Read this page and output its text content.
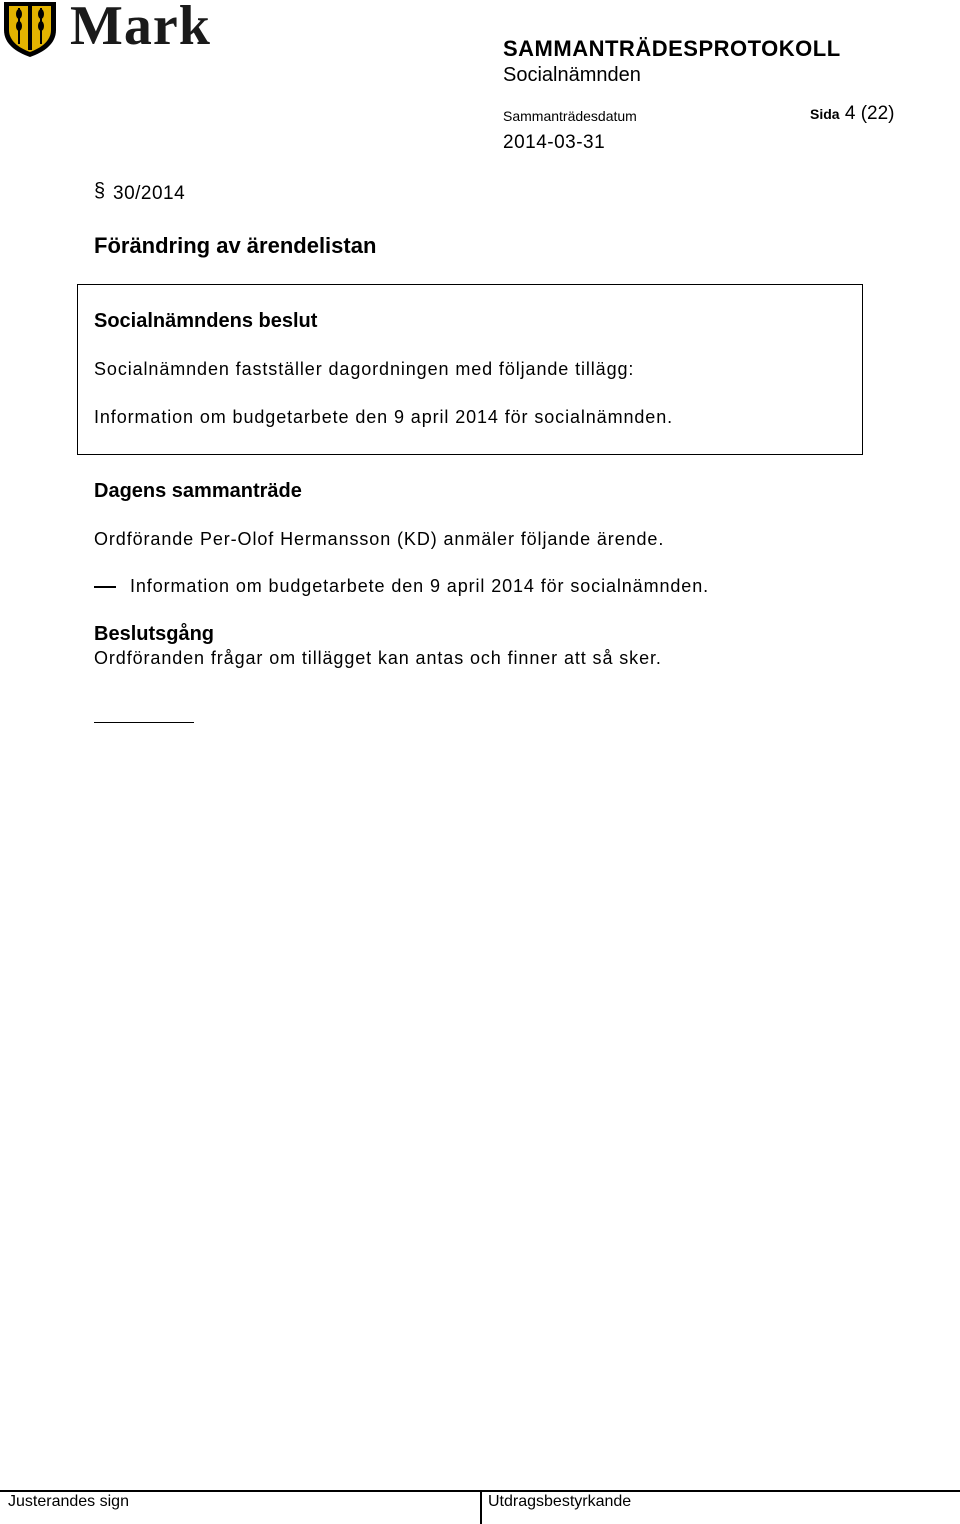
Mark	SAMMANTRÄDESPROTOKOLL
Socialnämnden
Sammanträdesdatum	Sida 4 (22)
2014-03-31
§ 30/2014
Förändring av ärendelistan
Socialnämndens beslut
Socialnämnden fastställer dagordningen med följande tillägg:
Information om budgetarbete den 9 april 2014 för socialnämnden.
Dagens sammanträde
Ordförande Per-Olof Hermansson (KD) anmäler följande ärende.
Information om budgetarbete den 9 april 2014 för socialnämnden.
Beslutsgång
Ordföranden frågar om tillägget kan antas och finner att så sker.
Justerandes sign	Utdragsbestyrkande
